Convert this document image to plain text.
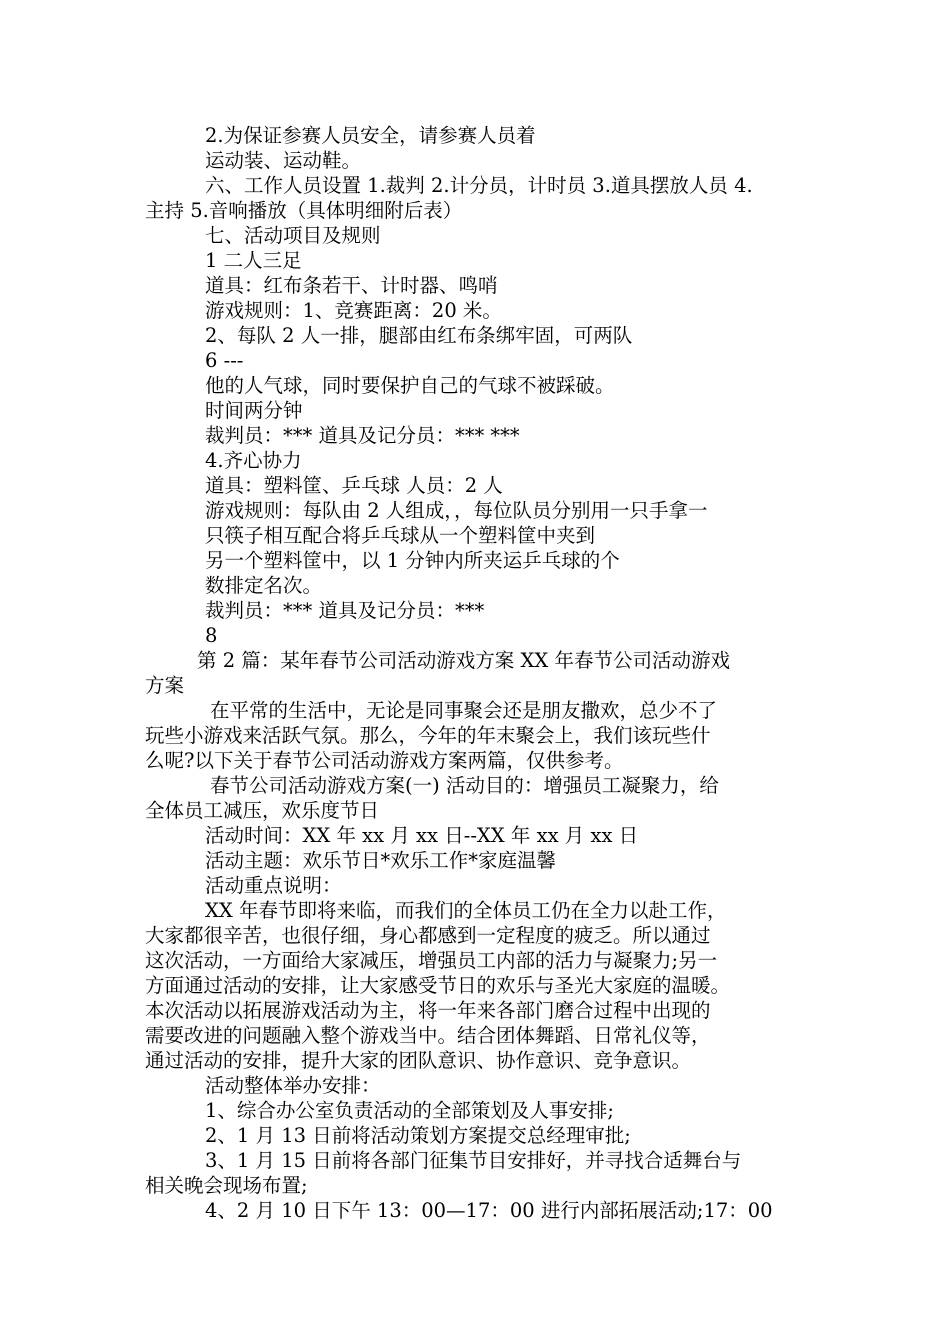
2.为保证参赛人员安全，请参赛人员着
运动装、运动鞋。
六、工作人员设置 1.裁判 2.计分员，计时员 3.道具摆放人员 4.
主持 5.音响播放（具体明细附后表）
七、活动项目及规则
1 二人三足
道具：红布条若干、计时器、鸣哨
游戏规则：1、竞赛距离：20 米。
2、每队 2 人一排，腿部由红布条绑牢固，可两队
6 ---
他的人气球，同时要保护自己的气球不被踩破。
时间两分钟
裁判员：*** 道具及记分员：*** ***
4.齐心协力
道具：塑料筐、乒乓球 人员：2 人
游戏规则：每队由 2 人组成，，每位队员分别用一只手拿一
只筷子相互配合将乒乓球从一个塑料筐中夹到
另一个塑料筐中，以 1 分钟内所夹运乒乓球的个
数排定名次。
裁判员：*** 道具及记分员：***
8
第 2 篇：某年春节公司活动游戏方案 XX 年春节公司活动游戏
方案
在平常的生活中，无论是同事聚会还是朋友撒欢，总少不了
玩些小游戏来活跃气氛。那么，今年的年末聚会上，我们该玩些什
么呢?以下关于春节公司活动游戏方案两篇，仅供参考。
春节公司活动游戏方案(一) 活动目的：增强员工凝聚力，给
全体员工减压，欢乐度节日
活动时间：XX 年 xx 月 xx 日--XX 年 xx 月 xx 日
活动主题：欢乐节日*欢乐工作*家庭温馨
活动重点说明：
XX 年春节即将来临，而我们的全体员工仍在全力以赴工作，
大家都很辛苦，也很仔细，身心都感到一定程度的疲乏。所以通过
这次活动，一方面给大家减压，增强员工内部的活力与凝聚力;另一
方面通过活动的安排，让大家感受节日的欢乐与圣光大家庭的温暖。
本次活动以拓展游戏活动为主，将一年来各部门磨合过程中出现的
需要改进的问题融入整个游戏当中。结合团体舞蹈、日常礼仪等，
通过活动的安排，提升大家的团队意识、协作意识、竞争意识。
活动整体举办安排：
1、综合办公室负责活动的全部策划及人事安排;
2、1 月 13 日前将活动策划方案提交总经理审批;
3、1 月 15 日前将各部门征集节目安排好，并寻找合适舞台与
相关晚会现场布置;
4、2 月 10 日下午 13：00—17：00 进行内部拓展活动;17：00
